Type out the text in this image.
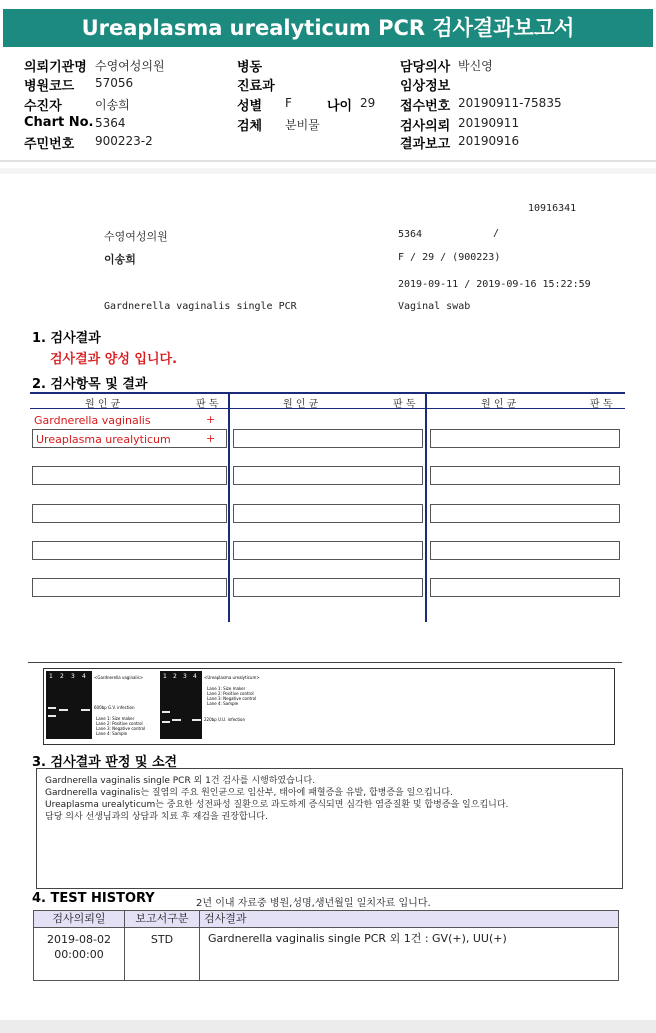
Ureaplasma urealyticum PCR 검사결과보고서
의뢰기관명 수영여성의원
병원코드 57056
수진자	이송희
Chart No. 5364
주민번호 900223-2
병동
진료과
성별 F	나이 29
검체 분비물
담당의사 박신영
임상정보
접수번호 20190911-75835
검사의뢰 20190911
결과보고 20190916
10916341
/
수영여성의원	5364
이송희	F / 29 / (900223)
2019-09-11 / 2019-09-16 15:22:59
Gardnerella vaginalis single PCR	Vaginal swab
1. 검사결과
검사결과 양성 입니다.
2. 검사항목 및 결과
원 인 균	판 독	원 인 균	판 독	원 인 균	판 독
Gardnerella vaginalis	+
Ureaplasma urealyticum	+
1 2 3 4 <Gardnerella vaginalis>
600bp G.V. infection
Lane 1: Size maker
Lane 2: Positive control
Lane 3: Negative control
Lane 4: Sample
1 2 3 4 <Ureaplasma urealyticum>
Lane 1: Size maker
Lane 2: Positive control
Lane 3: Negative control
Lane 4: Sample
220bp U.U. infection
3. 검사결과 판정 및 소견
Gardnerella vaginalis single PCR 외 1건 검사를 시행하였습니다.
Gardnerella vaginalis는 질염의 주요 원인균으로 임산부, 태아에 패혈증을 유발, 합병증을 일으킵니다.
Ureaplasma urealyticum는 중요한 성전파성 질환으로 과도하게 증식되면 심각한 염증질환 및 합병증을 일으킵니다.
담당 의사 선생님과의 상담과 치료 후 재검을 권장합니다.
4. TEST HISTORY	2년 이내 자료중 병원,성명,생년월일 일치자료 입니다.
검사의뢰일	보고서구분	검사결과

2019-08-02
00:00:00	STD	Gardnerella vaginalis single PCR 외 1건 : GV(+), UU(+)
